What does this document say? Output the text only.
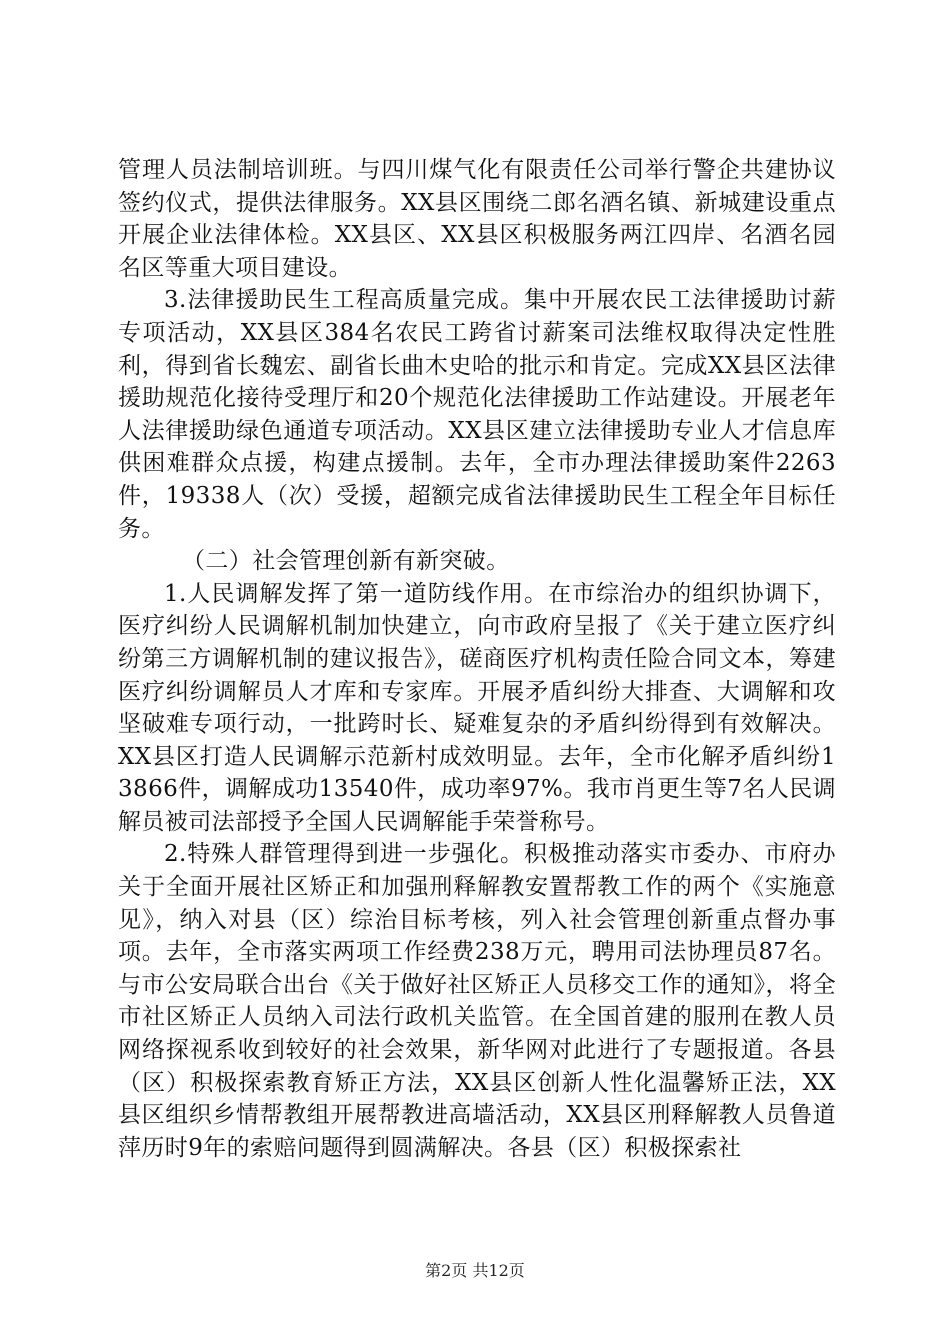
管理人员法制培训班。与四川煤气化有限责任公司举行警企共建协议签约仪式，提供法律服务。XX县区围绕二郎名酒名镇、新城建设重点开展企业法律体检。XX县区、XX县区积极服务两江四岸、名酒名园名区等重大项目建设。

3.法律援助民生工程高质量完成。集中开展农民工法律援助讨薪专项活动，XX县区384名农民工跨省讨薪案司法维权取得决定性胜利，得到省长魏宏、副省长曲木史哈的批示和肯定。完成XX县区法律援助规范化接待受理厅和20个规范化法律援助工作站建设。开展老年人法律援助绿色通道专项活动。XX县区建立法律援助专业人才信息库供困难群众点援，构建点援制。去年，全市办理法律援助案件2263件，19338人（次）受援，超额完成省法律援助民生工程全年目标任务。

（二）社会管理创新有新突破。

1.人民调解发挥了第一道防线作用。在市综治办的组织协调下，医疗纠纷人民调解机制加快建立，向市政府呈报了《关于建立医疗纠纷第三方调解机制的建议报告》，磋商医疗机构责任险合同文本，筹建医疗纠纷调解员人才库和专家库。开展矛盾纠纷大排查、大调解和攻坚破难专项行动，一批跨时长、疑难复杂的矛盾纠纷得到有效解决。XX县区打造人民调解示范新村成效明显。去年，全市化解矛盾纠纷13866件，调解成功13540件，成功率97%。我市肖更生等7名人民调解员被司法部授予全国人民调解能手荣誉称号。

2.特殊人群管理得到进一步强化。积极推动落实市委办、市府办关于全面开展社区矫正和加强刑释解教安置帮教工作的两个《实施意见》，纳入对县（区）综治目标考核，列入社会管理创新重点督办事项。去年，全市落实两项工作经费238万元，聘用司法协理员87名。与市公安局联合出台《关于做好社区矫正人员移交工作的通知》，将全市社区矫正人员纳入司法行政机关监管。在全国首建的服刑在教人员网络探视系收到较好的社会效果，新华网对此进行了专题报道。各县（区）积极探索教育矫正方法，XX县区创新人性化温馨矫正法，XX县区组织乡情帮教组开展帮教进高墙活动，XX县区刑释解教人员鲁道萍历时9年的索赔问题得到圆满解决。各县（区）积极探索社

第2页 共12页
